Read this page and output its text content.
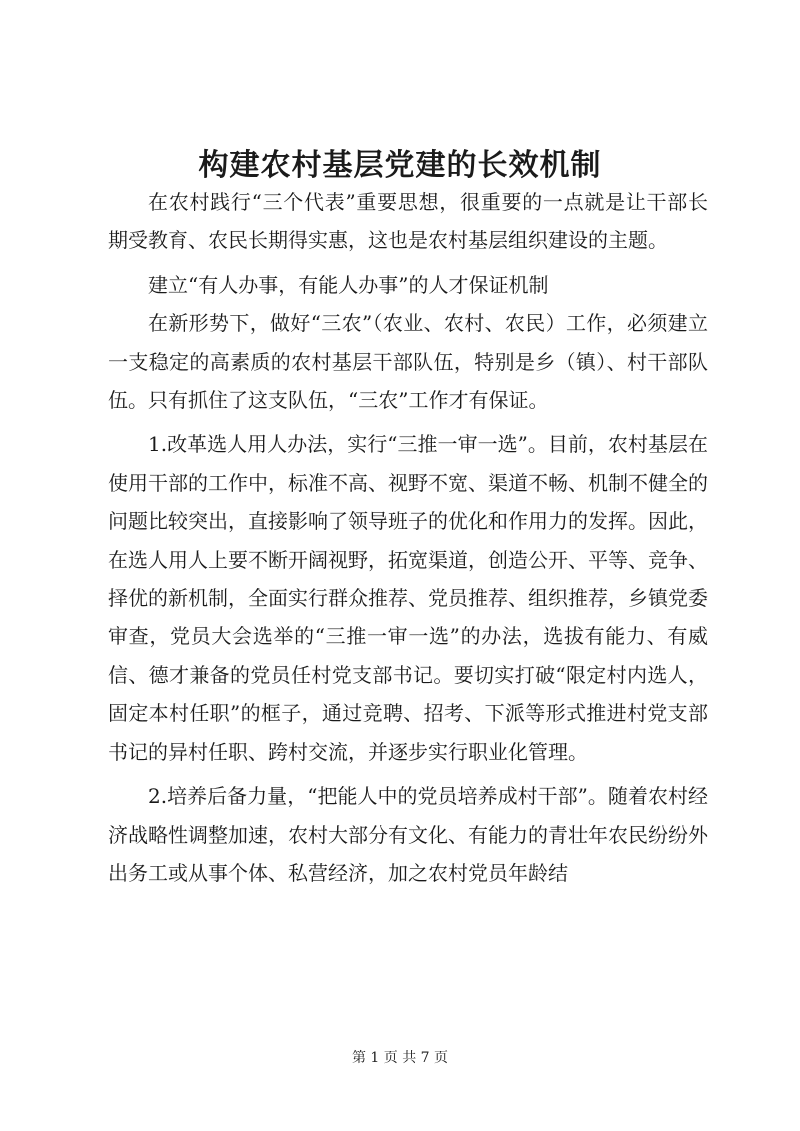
构建农村基层党建的长效机制

在农村践行“三个代表”重要思想，很重要的一点就是让干部长期受教育、农民长期得实惠，这也是农村基层组织建设的主题。

建立“有人办事，有能人办事”的人才保证机制

在新形势下，做好“三农”（农业、农村、农民）工作，必须建立一支稳定的高素质的农村基层干部队伍，特别是乡（镇）、村干部队伍。只有抓住了这支队伍，“三农”工作才有保证。

1.改革选人用人办法，实行“三推一审一选”。目前，农村基层在使用干部的工作中，标准不高、视野不宽、渠道不畅、机制不健全的问题比较突出，直接影响了领导班子的优化和作用力的发挥。因此，在选人用人上要不断开阔视野，拓宽渠道，创造公开、平等、竞争、择优的新机制，全面实行群众推荐、党员推荐、组织推荐，乡镇党委审查，党员大会选举的“三推一审一选”的办法，选拔有能力、有威信、德才兼备的党员任村党支部书记。要切实打破“限定村内选人，固定本村任职”的框子，通过竞聘、招考、下派等形式推进村党支部书记的异村任职、跨村交流，并逐步实行职业化管理。

2.培养后备力量，“把能人中的党员培养成村干部”。随着农村经济战略性调整加速，农村大部分有文化、有能力的青壮年农民纷纷外出务工或从事个体、私营经济，加之农村党员年龄结

第 1 页 共 7 页
